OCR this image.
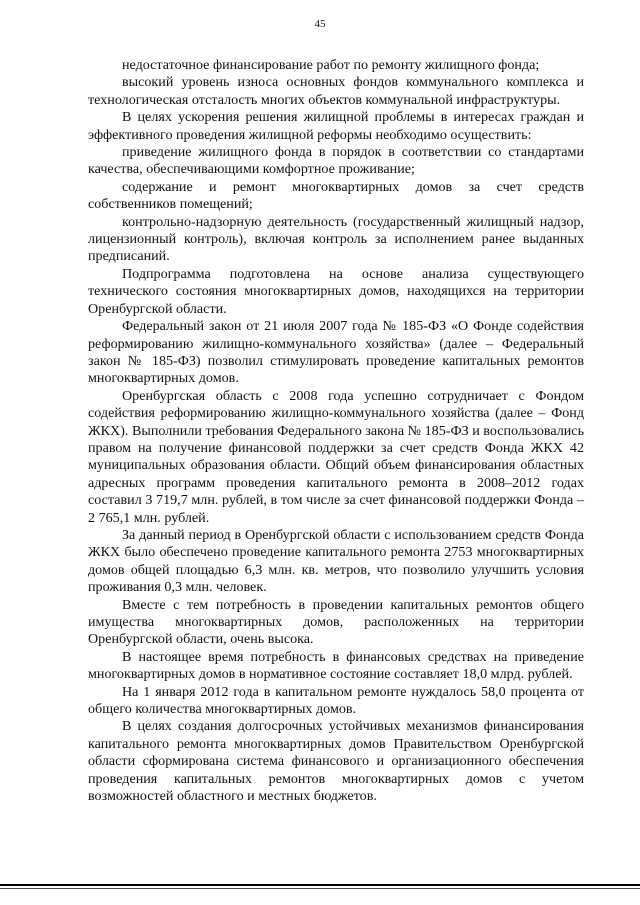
45

недостаточное финансирование работ по ремонту жилищного фонда;

высокий уровень износа основных фондов коммунального комплекса и технологическая отсталость многих объектов коммунальной инфраструктуры.

В целях ускорения решения жилищной проблемы в интересах граждан и эффективного проведения жилищной реформы необходимо осуществить:

приведение жилищного фонда в порядок в соответствии со стандартами качества, обеспечивающими комфортное проживание;

содержание и ремонт многоквартирных домов за счет средств собственников помещений;

контрольно-надзорную деятельность (государственный жилищный надзор, лицензионный контроль), включая контроль за исполнением ранее выданных предписаний.

Подпрограмма подготовлена на основе анализа существующего технического состояния многоквартирных домов, находящихся на территории Оренбургской области.

Федеральный закон от 21 июля 2007 года № 185-ФЗ «О Фонде содействия реформированию жилищно-коммунального хозяйства» (далее – Федеральный закон № 185-ФЗ) позволил стимулировать проведение капитальных ремонтов многоквартирных домов.

Оренбургская область с 2008 года успешно сотрудничает с Фондом содействия реформированию жилищно-коммунального хозяйства (далее – Фонд ЖКХ). Выполнили требования Федерального закона № 185-ФЗ и воспользовались правом на получение финансовой поддержки за счет средств Фонда ЖКХ 42 муниципальных образования области. Общий объем финансирования областных адресных программ проведения капитального ремонта в 2008–2012 годах составил 3 719,7 млн. рублей, в том числе за счет финансовой поддержки Фонда – 2 765,1 млн. рублей.

За данный период в Оренбургской области с использованием средств Фонда ЖКХ было обеспечено проведение капитального ремонта 2753 многоквартирных домов общей площадью 6,3 млн. кв. метров, что позволило улучшить условия проживания 0,3 млн. человек.

Вместе с тем потребность в проведении капитальных ремонтов общего имущества многоквартирных домов, расположенных на территории Оренбургской области, очень высока.

В настоящее время потребность в финансовых средствах на приведение многоквартирных домов в нормативное состояние составляет 18,0 млрд. рублей.

На 1 января 2012 года в капитальном ремонте нуждалось 58,0 процента от общего количества многоквартирных домов.

В целях создания долгосрочных устойчивых механизмов финансирования капитального ремонта многоквартирных домов Правительством Оренбургской области сформирована система финансового и организационного обеспечения проведения капитальных ремонтов многоквартирных домов с учетом возможностей областного и местных бюджетов.
